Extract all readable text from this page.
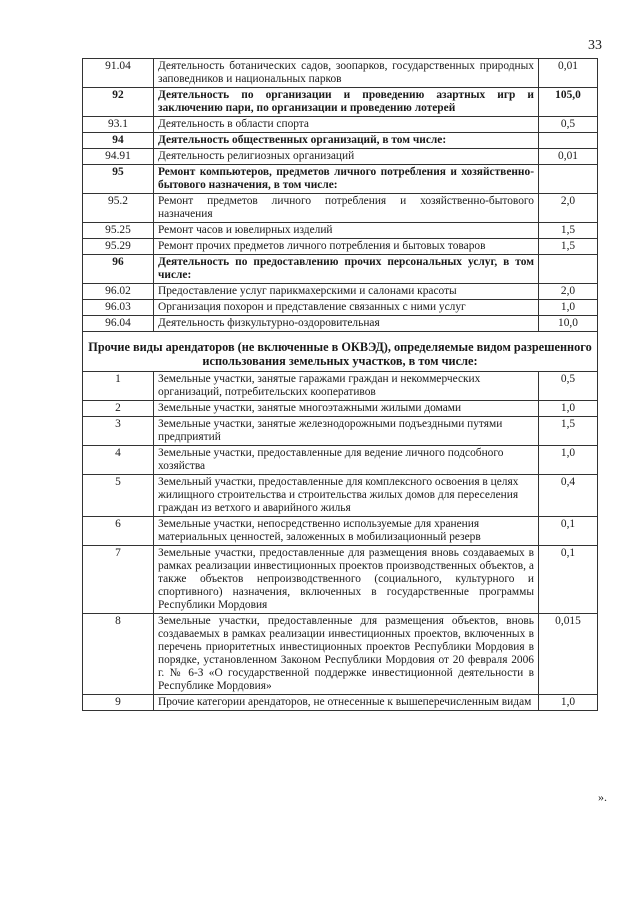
33
91.04	Деятельность ботанических садов, зоопарков, государственных природных заповедников и национальных парков	0,01
92	Деятельность по организации и проведению азартных игр и заключению пари, по организации и проведению лотерей	105,0
93.1	Деятельность в области спорта	0,5
94	Деятельность общественных организаций, в том числе:	
94.91	Деятельность религиозных организаций	0,01
95	Ремонт компьютеров, предметов личного потребления и хозяйственно-бытового назначения, в том числе:	
95.2	Ремонт предметов личного потребления и хозяйственно-бытового назначения	2,0
95.25	Ремонт часов и ювелирных изделий	1,5
95.29	Ремонт прочих предметов личного потребления и бытовых товаров	1,5
96	Деятельность по предоставлению прочих персональных услуг, в том числе:	
96.02	Предоставление услуг парикмахерскими и салонами красоты	2,0
96.03	Организация похорон и представление связанных с ними услуг	1,0
96.04	Деятельность физкультурно-оздоровительная	10,0
Прочие виды арендаторов (не включенные в ОКВЭД), определяемые видом разрешенного использования земельных участков, в том числе:		
1	Земельные участки, занятые гаражами граждан и некоммерческих организаций, потребительских кооперативов	0,5
2	Земельные участки, занятые многоэтажными жилыми домами	1,0
3	Земельные участки, занятые железнодорожными подъездными путями предприятий	1,5
4	Земельные участки, предоставленные для ведение личного подсобного хозяйства	1,0
5	Земельный участки, предоставленные для комплексного освоения в целях жилищного строительства и строительства жилых домов для переселения граждан из ветхого и аварийного жилья	0,4
6	Земельные участки, непосредственно используемые для хранения материальных ценностей, заложенных в мобилизационный резерв	0,1
7	Земельные участки, предоставленные для размещения вновь создаваемых в рамках реализации инвестиционных проектов производственных объектов, а также объектов непроизводственного (социального, культурного и спортивного) назначения, включенных в государственные программы Республики Мордовия	0,1
8	Земельные участки, предоставленные для размещения объектов, вновь создаваемых в рамках реализации инвестиционных проектов, включенных в перечень приоритетных инвестиционных проектов Республики Мордовия в порядке, установленном Законом Республики Мордовия от 20 февраля 2006 г. № 6-З «О государственной поддержке инвестиционной деятельности в Республике Мордовия»	0,015
9	Прочие категории арендаторов, не отнесенные к вышеперечисленным видам	1,0
».
